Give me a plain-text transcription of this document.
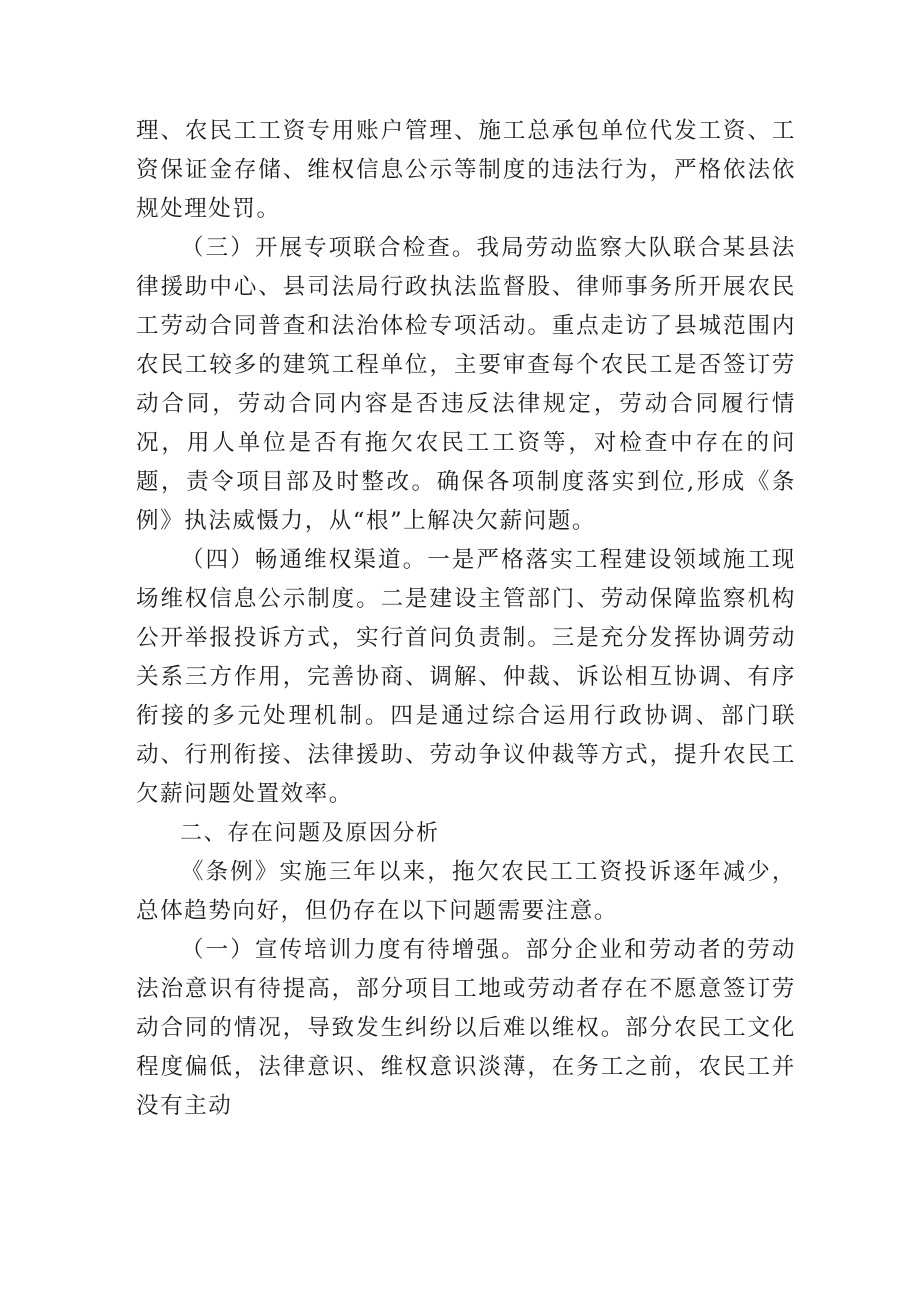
理、农民工工资专用账户管理、施工总承包单位代发工资、工资保证金存储、维权信息公示等制度的违法行为，严格依法依规处理处罚。

（三）开展专项联合检查。我局劳动监察大队联合某县法律援助中心、县司法局行政执法监督股、律师事务所开展农民工劳动合同普查和法治体检专项活动。重点走访了县城范围内农民工较多的建筑工程单位，主要审查每个农民工是否签订劳动合同，劳动合同内容是否违反法律规定，劳动合同履行情况，用人单位是否有拖欠农民工工资等，对检查中存在的问题，责令项目部及时整改。确保各项制度落实到位,形成《条例》执法威慑力，从“根”上解决欠薪问题。

（四）畅通维权渠道。一是严格落实工程建设领域施工现场维权信息公示制度。二是建设主管部门、劳动保障监察机构公开举报投诉方式，实行首问负责制。三是充分发挥协调劳动关系三方作用，完善协商、调解、仲裁、诉讼相互协调、有序衔接的多元处理机制。四是通过综合运用行政协调、部门联动、行刑衔接、法律援助、劳动争议仲裁等方式，提升农民工欠薪问题处置效率。

二、存在问题及原因分析

《条例》实施三年以来，拖欠农民工工资投诉逐年减少，总体趋势向好，但仍存在以下问题需要注意。

（一）宣传培训力度有待增强。部分企业和劳动者的劳动法治意识有待提高，部分项目工地或劳动者存在不愿意签订劳动合同的情况，导致发生纠纷以后难以维权。部分农民工文化程度偏低，法律意识、维权意识淡薄，在务工之前，农民工并没有主动
